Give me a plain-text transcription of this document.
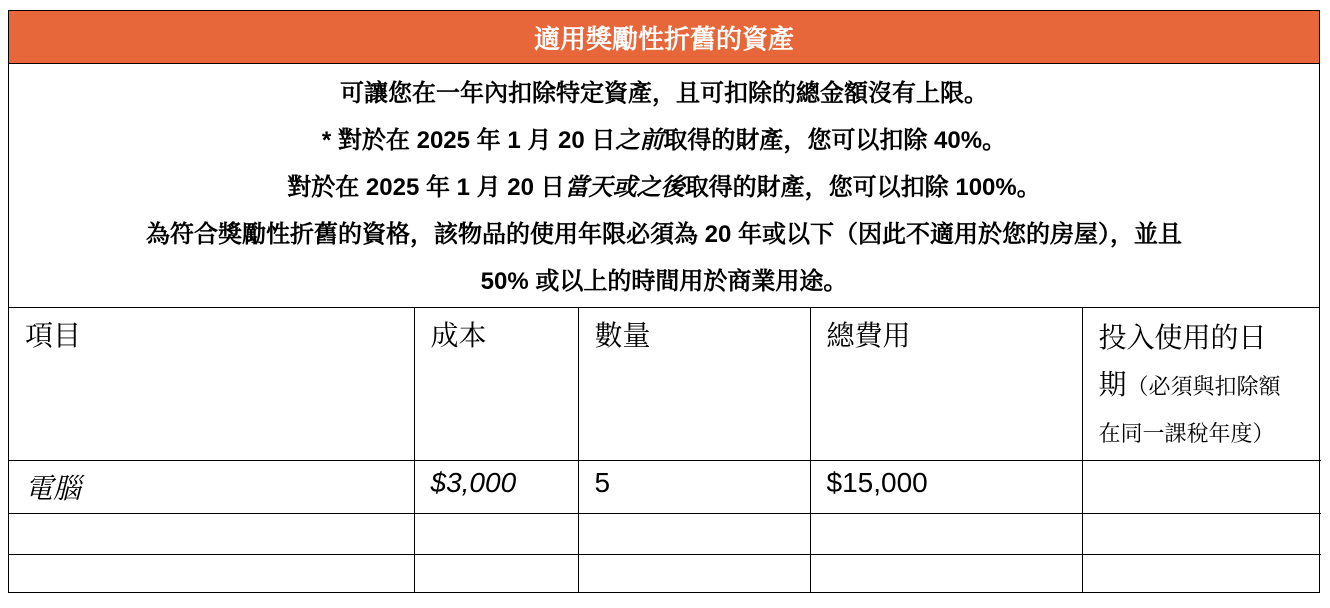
適用獎勵性折舊的資產
可讓您在一年內扣除特定資產，且可扣除的總金額沒有上限。
* 對於在 2025 年 1 月 20 日之前取得的財產，您可以扣除 40%。
對於在 2025 年 1 月 20 日當天或之後取得的財產，您可以扣除 100%。
為符合獎勵性折舊的資格，該物品的使用年限必須為 20 年或以下（因此不適用於您的房屋），並且
50% 或以上的時間用於商業用途。
項目	成本	數量	總費用	投入使用的日
期（必須與扣除額
在同一課稅年度）

電腦	$3,000	5	$15,000	
